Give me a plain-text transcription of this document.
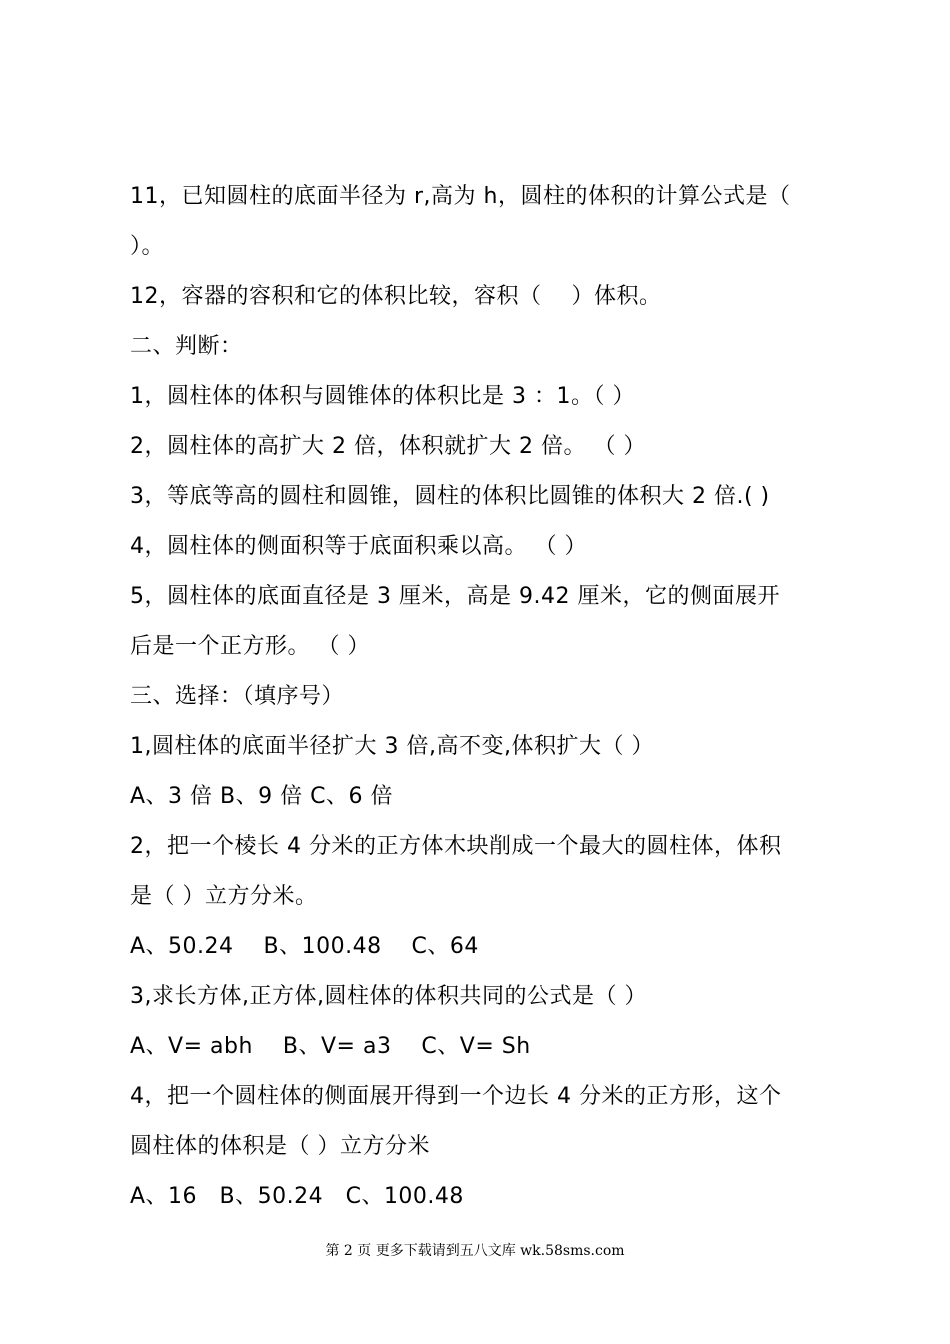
11，已知圆柱的底面半径为 r,高为 h，圆柱的体积的计算公式是（
）。
12，容器的容积和它的体积比较，容积（    ）体积。
二、判断：
1，圆柱体的体积与圆锥体的体积比是 3 ：1。（ ）
2，圆柱体的高扩大 2 倍，体积就扩大 2 倍。 （ ）
3，等底等高的圆柱和圆锥，圆柱的体积比圆锥的体积大 2 倍.( )
4，圆柱体的侧面积等于底面积乘以高。 （ ）
5，圆柱体的底面直径是 3 厘米，高是 9.42 厘米，它的侧面展开
后是一个正方形。 （ ）
三、选择：（填序号）
1,圆柱体的底面半径扩大 3 倍,高不变,体积扩大（ ）
A、3 倍 B、9 倍 C、6 倍
2，把一个棱长 4 分米的正方体木块削成一个最大的圆柱体，体积
是（ ）立方分米。
A、50.24    B、100.48    C、64
3,求长方体,正方体,圆柱体的体积共同的公式是（ ）
A、V= abh    B、V= a3    C、V= Sh
4，把一个圆柱体的侧面展开得到一个边长 4 分米的正方形，这个
圆柱体的体积是（ ）立方分米
A、16   B、50.24   C、100.48
第 2 页 更多下载请到五八文库 wk.58sms.com
